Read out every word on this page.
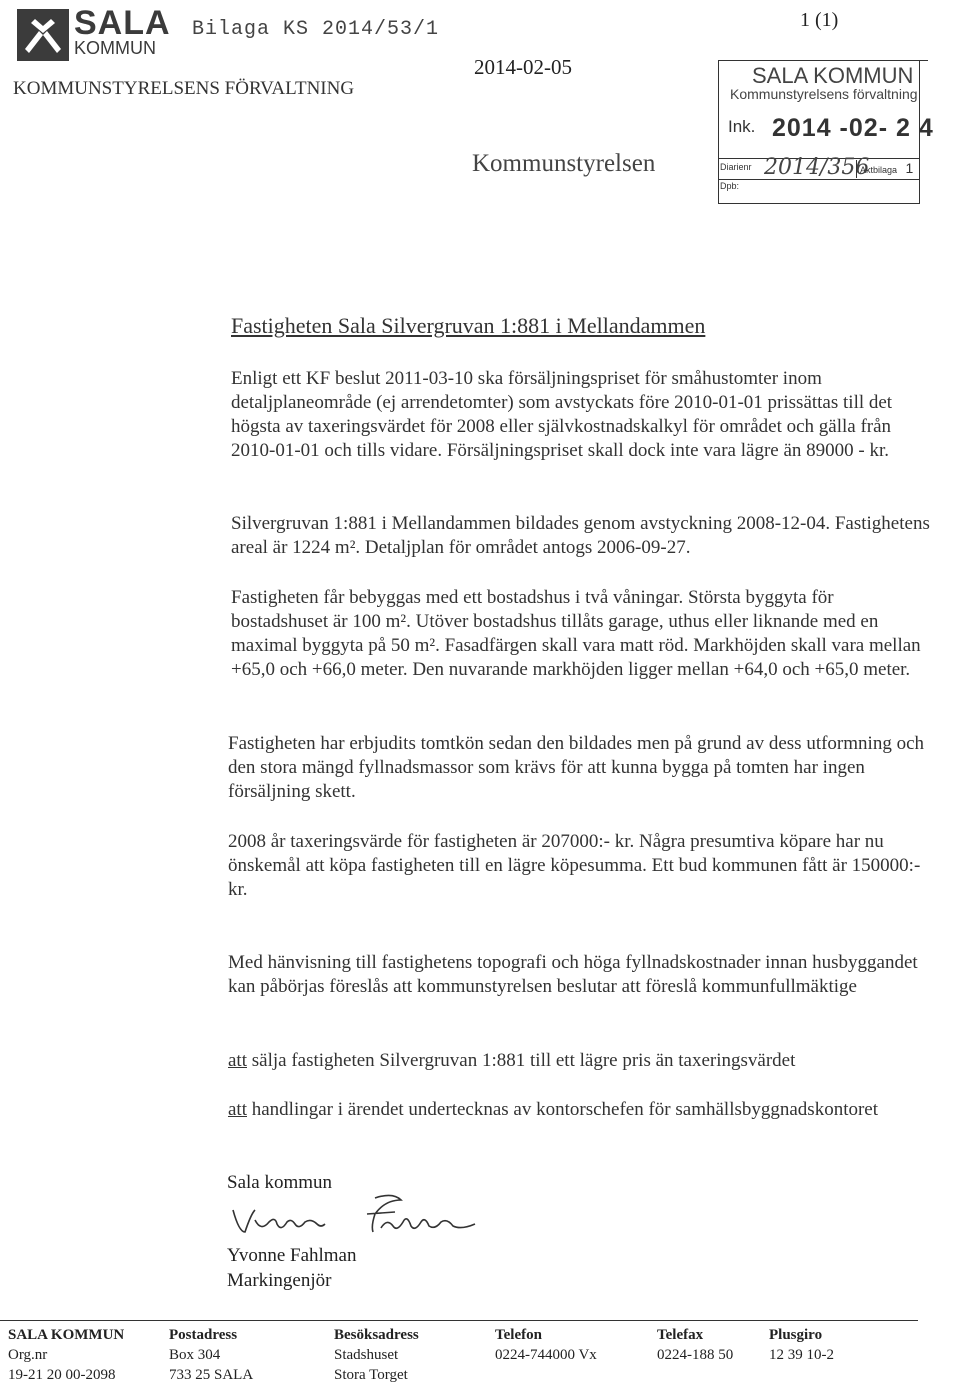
SALA
KOMMUN
Bilaga KS 2014/53/1	1 (1)
KOMMUNSTYRELSENS FÖRVALTNING
2014-02-05
Kommunstyrelsen
SALA KOMMUN
Kommunstyrelsens förvaltning
Ink. 2014 -02- 2 4
Diarienr 2014/356
Aktbilaga 1
Dpb:
Fastigheten Sala Silvergruvan 1:881 i Mellandammen
Enligt ett KF beslut 2011-03-10 ska försäljningspriset för småhustomter inom detaljplaneområde (ej arrendetomter) som avstyckats före 2010-01-01 prissättas till det högsta av taxeringsvärdet för 2008 eller självkostnadskalkyl för området och gälla från 2010-01-01 och tills vidare. Försäljningspriset skall dock inte vara lägre än 89000 - kr.
Silvergruvan 1:881 i Mellandammen bildades genom avstyckning 2008-12-04. Fastighetens areal är 1224 m². Detaljplan för området antogs 2006-09-27.
Fastigheten får bebyggas med ett bostadshus i två våningar. Största byggyta för bostadshuset är 100 m². Utöver bostadshus tillåts garage, uthus eller liknande med en maximal byggyta på 50 m². Fasadfärgen skall vara matt röd. Markhöjden skall vara mellan +65,0 och +66,0 meter. Den nuvarande markhöjden ligger mellan +64,0 och +65,0 meter.
Fastigheten har erbjudits tomtkön sedan den bildades men på grund av dess utformning och den stora mängd fyllnadsmassor som krävs för att kunna bygga på tomten har ingen försäljning skett.
2008 år taxeringsvärde för fastigheten är 207000:- kr. Några presumtiva köpare har nu önskemål att köpa fastigheten till en lägre köpesumma. Ett bud kommunen fått är 150000:- kr.
Med hänvisning till fastighetens topografi och höga fyllnadskostnader innan husbyggandet kan påbörjas föreslås att kommunstyrelsen beslutar att föreslå kommunfullmäktige
att sälja fastigheten Silvergruvan 1:881 till ett lägre pris än taxeringsvärdet
att handlingar i ärendet undertecknas av kontorschefen för samhällsbyggnadskontoret
Sala kommun
Yvonne Fahlman
Markingenjör
SALA KOMMUN
Org.nr
19-21 20 00-2098
Postadress
Box 304
733 25 SALA
Besöksadress
Stadshuset
Stora Torget
Telefon
0224-744000 Vx
Telefax
0224-188 50
Plusgiro
12 39 10-2
